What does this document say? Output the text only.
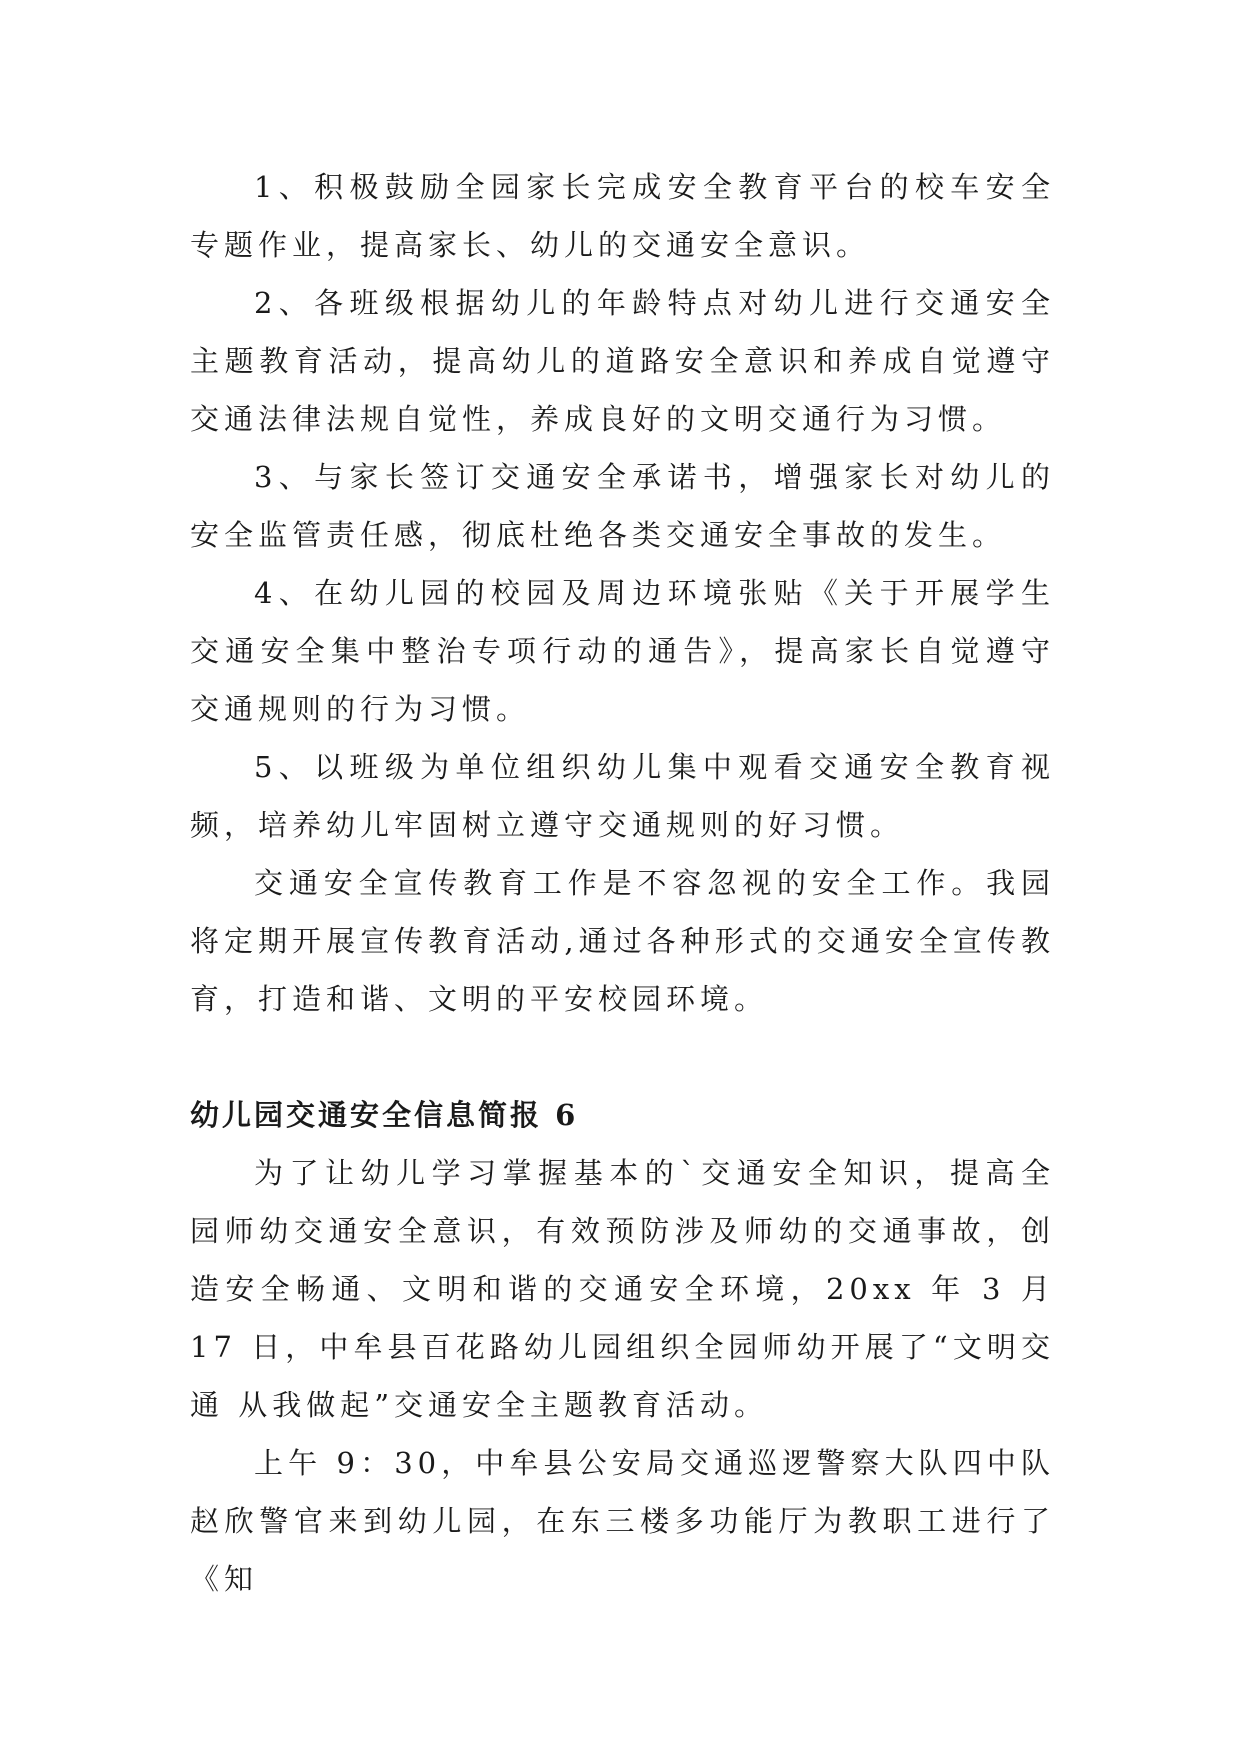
1、积极鼓励全园家长完成安全教育平台的校车安全专题作业，提高家长、幼儿的交通安全意识。

2、各班级根据幼儿的年龄特点对幼儿进行交通安全主题教育活动，提高幼儿的道路安全意识和养成自觉遵守交通法律法规自觉性，养成良好的文明交通行为习惯。

3、与家长签订交通安全承诺书，增强家长对幼儿的安全监管责任感，彻底杜绝各类交通安全事故的发生。

4、在幼儿园的校园及周边环境张贴《关于开展学生交通安全集中整治专项行动的通告》，提高家长自觉遵守交通规则的行为习惯。

5、以班级为单位组织幼儿集中观看交通安全教育视频，培养幼儿牢固树立遵守交通规则的好习惯。

交通安全宣传教育工作是不容忽视的安全工作。我园将定期开展宣传教育活动,通过各种形式的交通安全宣传教育，打造和谐、文明的平安校园环境。

幼儿园交通安全信息简报 6

为了让幼儿学习掌握基本的`交通安全知识，提高全园师幼交通安全意识，有效预防涉及师幼的交通事故，创造安全畅通、文明和谐的交通安全环境，20xx 年 3 月 17 日，中牟县百花路幼儿园组织全园师幼开展了“文明交通 从我做起”交通安全主题教育活动。

上午 9：30，中牟县公安局交通巡逻警察大队四中队赵欣警官来到幼儿园，在东三楼多功能厅为教职工进行了《知
